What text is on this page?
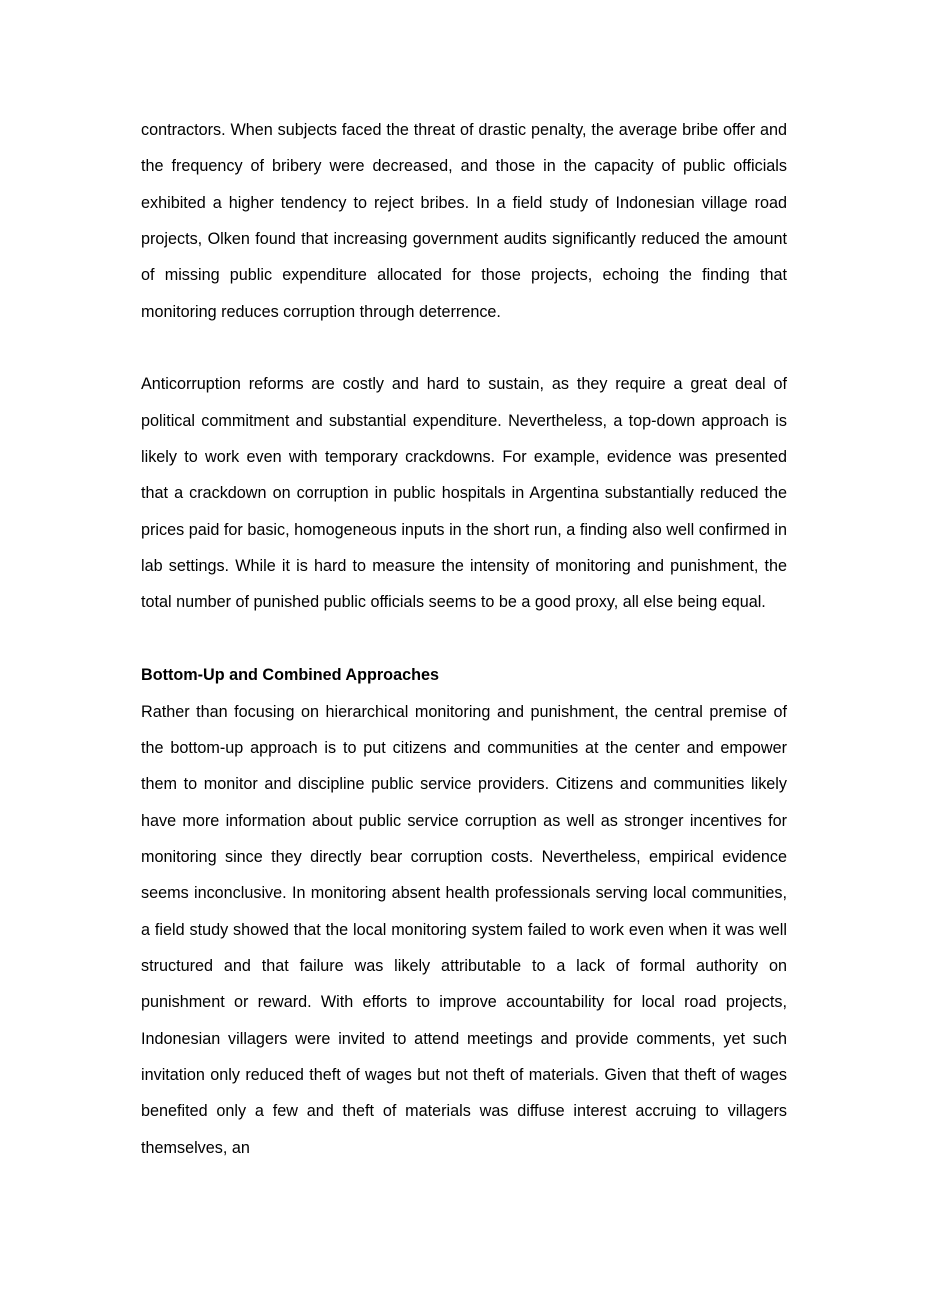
contractors. When subjects faced the threat of drastic penalty, the average bribe offer and the frequency of bribery were decreased, and those in the capacity of public officials exhibited a higher tendency to reject bribes. In a field study of Indonesian village road projects, Olken found that increasing government audits significantly reduced the amount of missing public expenditure allocated for those projects, echoing the finding that monitoring reduces corruption through deterrence.

Anticorruption reforms are costly and hard to sustain, as they require a great deal of political commitment and substantial expenditure. Nevertheless, a top-down approach is likely to work even with temporary crackdowns. For example, evidence was presented that a crackdown on corruption in public hospitals in Argentina substantially reduced the prices paid for basic, homogeneous inputs in the short run, a finding also well confirmed in lab settings. While it is hard to measure the intensity of monitoring and punishment, the total number of punished public officials seems to be a good proxy, all else being equal.

Bottom-Up and Combined Approaches

Rather than focusing on hierarchical monitoring and punishment, the central premise of the bottom-up approach is to put citizens and communities at the center and empower them to monitor and discipline public service providers. Citizens and communities likely have more information about public service corruption as well as stronger incentives for monitoring since they directly bear corruption costs. Nevertheless, empirical evidence seems inconclusive. In monitoring absent health professionals serving local communities, a field study showed that the local monitoring system failed to work even when it was well structured and that failure was likely attributable to a lack of formal authority on punishment or reward. With efforts to improve accountability for local road projects, Indonesian villagers were invited to attend meetings and provide comments, yet such invitation only reduced theft of wages but not theft of materials. Given that theft of wages benefited only a few and theft of materials was diffuse interest accruing to villagers themselves, an
